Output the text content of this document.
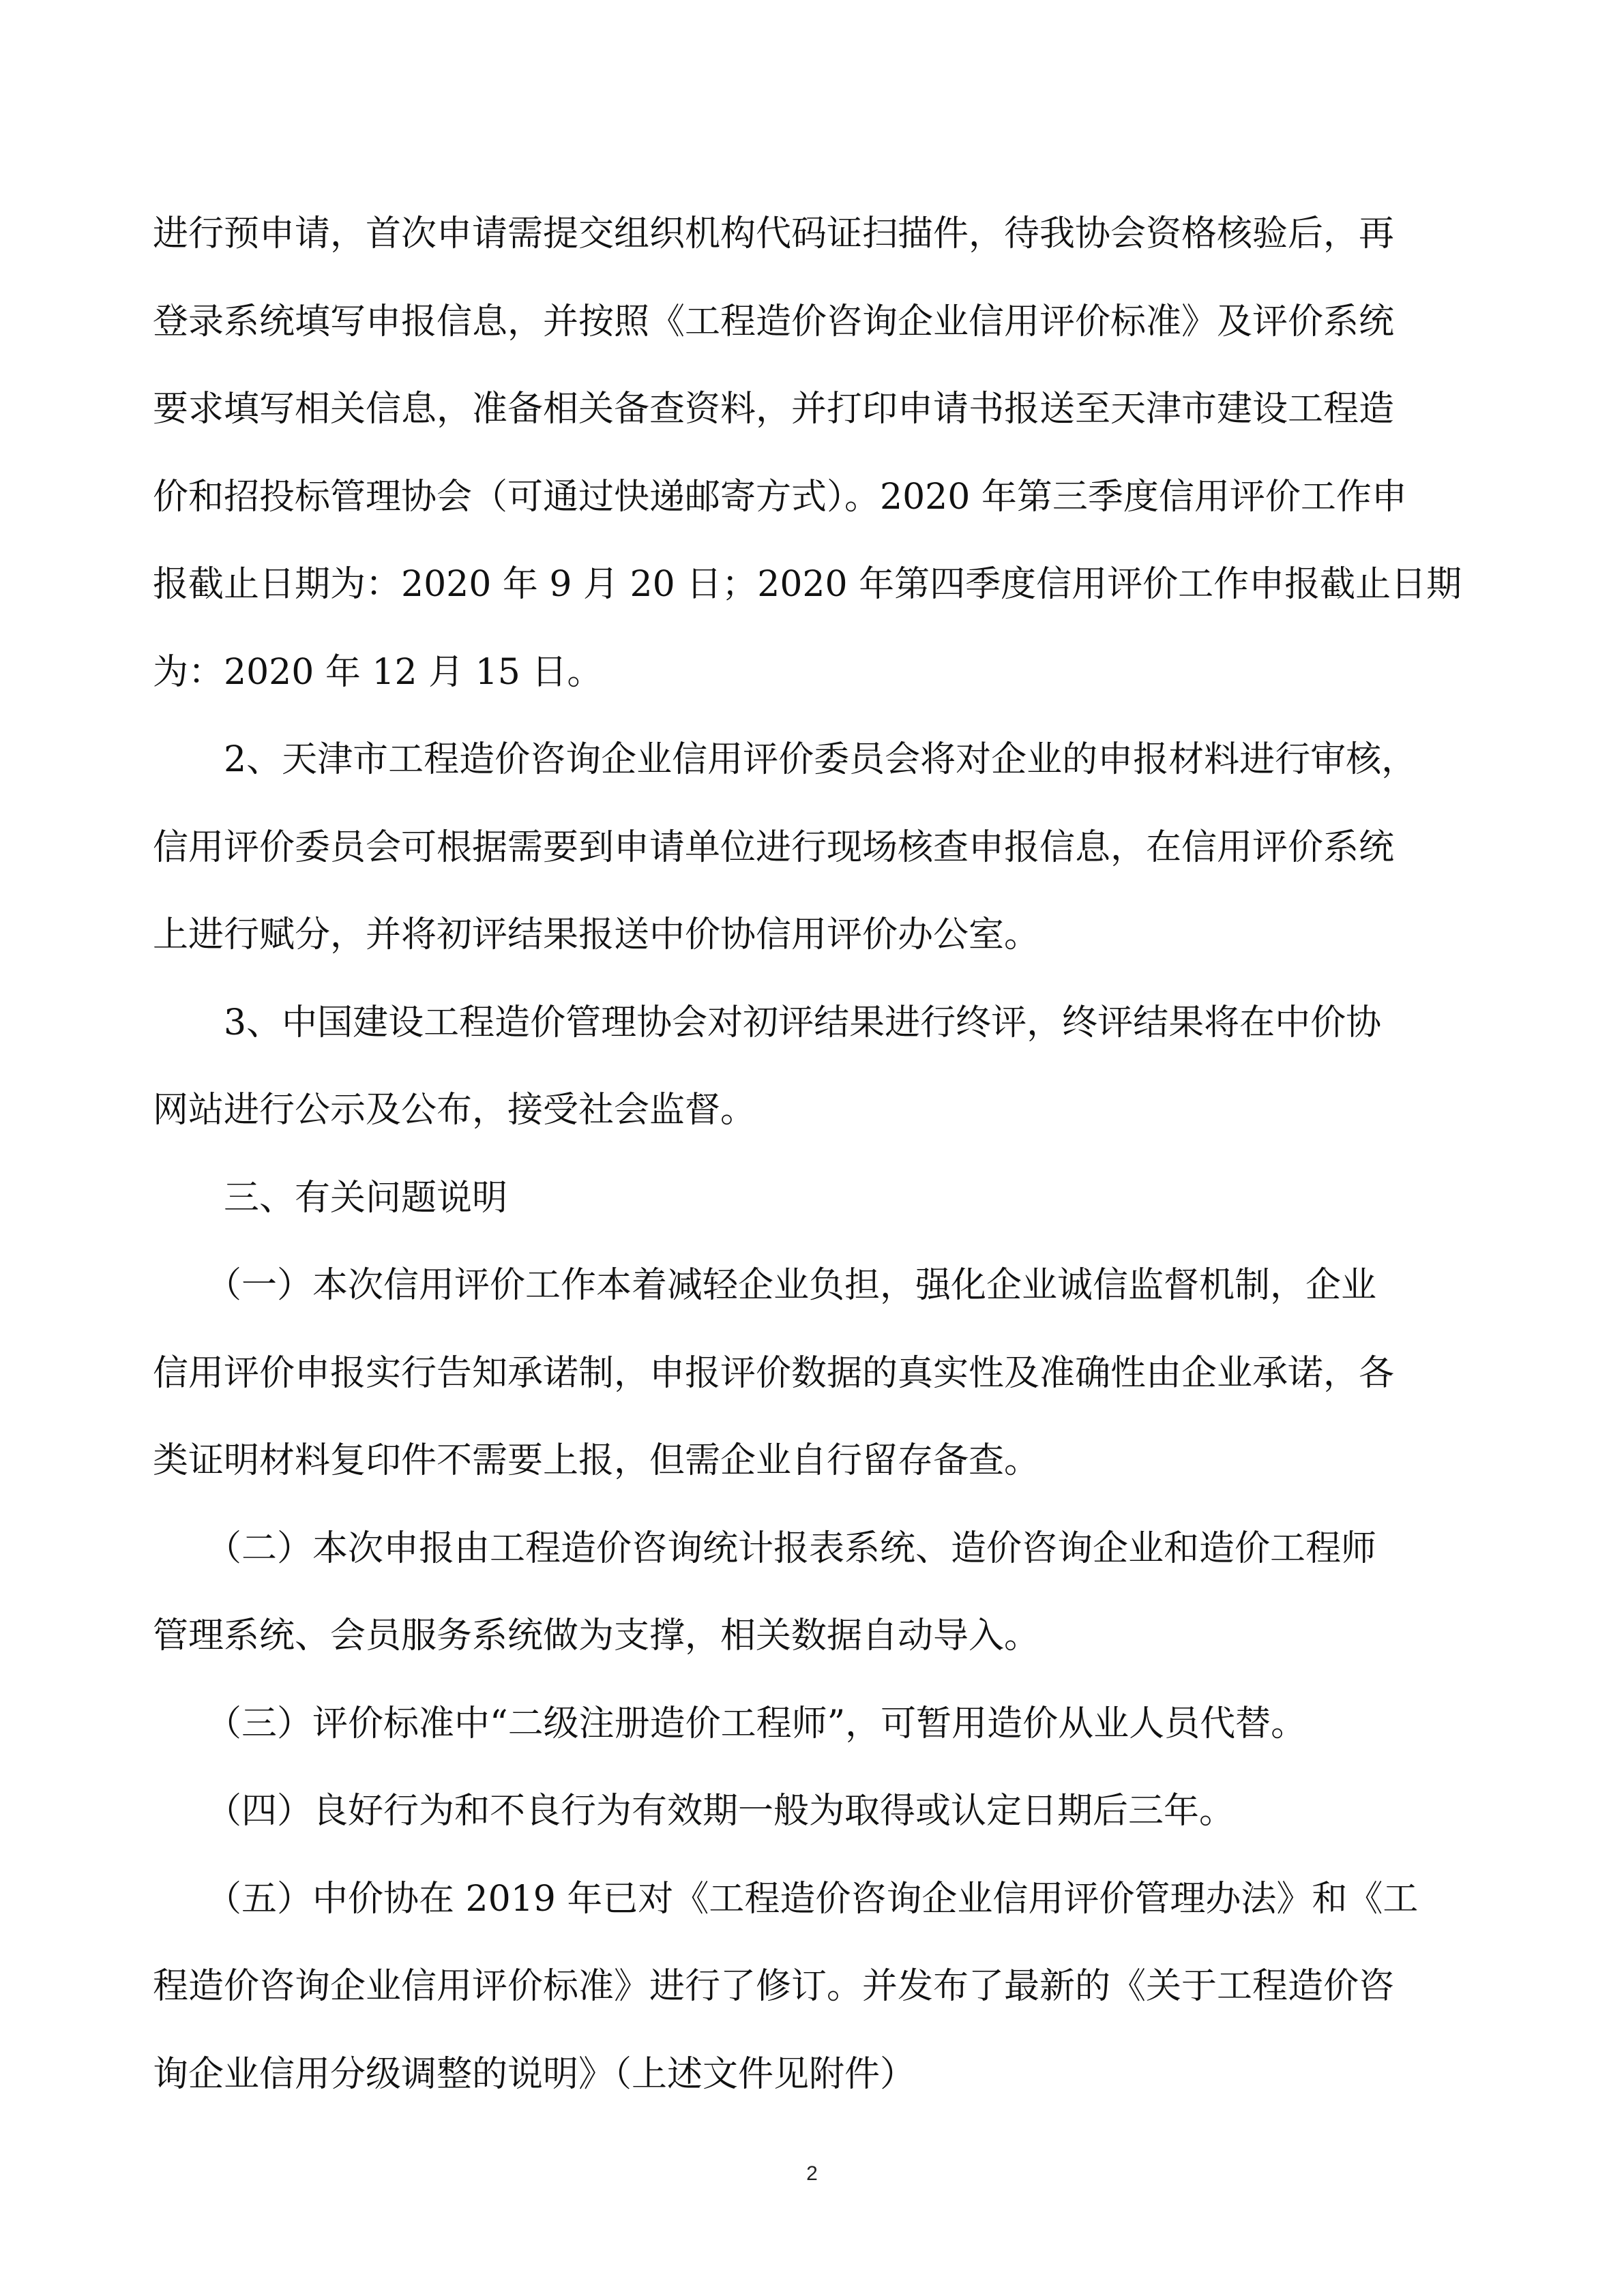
进行预申请，首次申请需提交组织机构代码证扫描件，待我协会资格核验后，再
登录系统填写申报信息，并按照《工程造价咨询企业信用评价标准》及评价系统
要求填写相关信息，准备相关备查资料，并打印申请书报送至天津市建设工程造
价和招投标管理协会（可通过快递邮寄方式）。2020 年第三季度信用评价工作申
报截止日期为：2020 年 9 月 20 日；2020 年第四季度信用评价工作申报截止日期
为：2020 年 12 月 15 日。
　　2、天津市工程造价咨询企业信用评价委员会将对企业的申报材料进行审核，
信用评价委员会可根据需要到申请单位进行现场核查申报信息，在信用评价系统
上进行赋分，并将初评结果报送中价协信用评价办公室。
　　3、中国建设工程造价管理协会对初评结果进行终评，终评结果将在中价协
网站进行公示及公布，接受社会监督。
　　三、有关问题说明
　　（一）本次信用评价工作本着减轻企业负担，强化企业诚信监督机制，企业
信用评价申报实行告知承诺制，申报评价数据的真实性及准确性由企业承诺，各
类证明材料复印件不需要上报，但需企业自行留存备查。
　　（二）本次申报由工程造价咨询统计报表系统、造价咨询企业和造价工程师
管理系统、会员服务系统做为支撑，相关数据自动导入。
　　（三）评价标准中“二级注册造价工程师”，可暂用造价从业人员代替。
　　（四）良好行为和不良行为有效期一般为取得或认定日期后三年。
　　（五）中价协在 2019 年已对《工程造价咨询企业信用评价管理办法》和《工
程造价咨询企业信用评价标准》进行了修订。并发布了最新的《关于工程造价咨
询企业信用分级调整的说明》（上述文件见附件）
2
